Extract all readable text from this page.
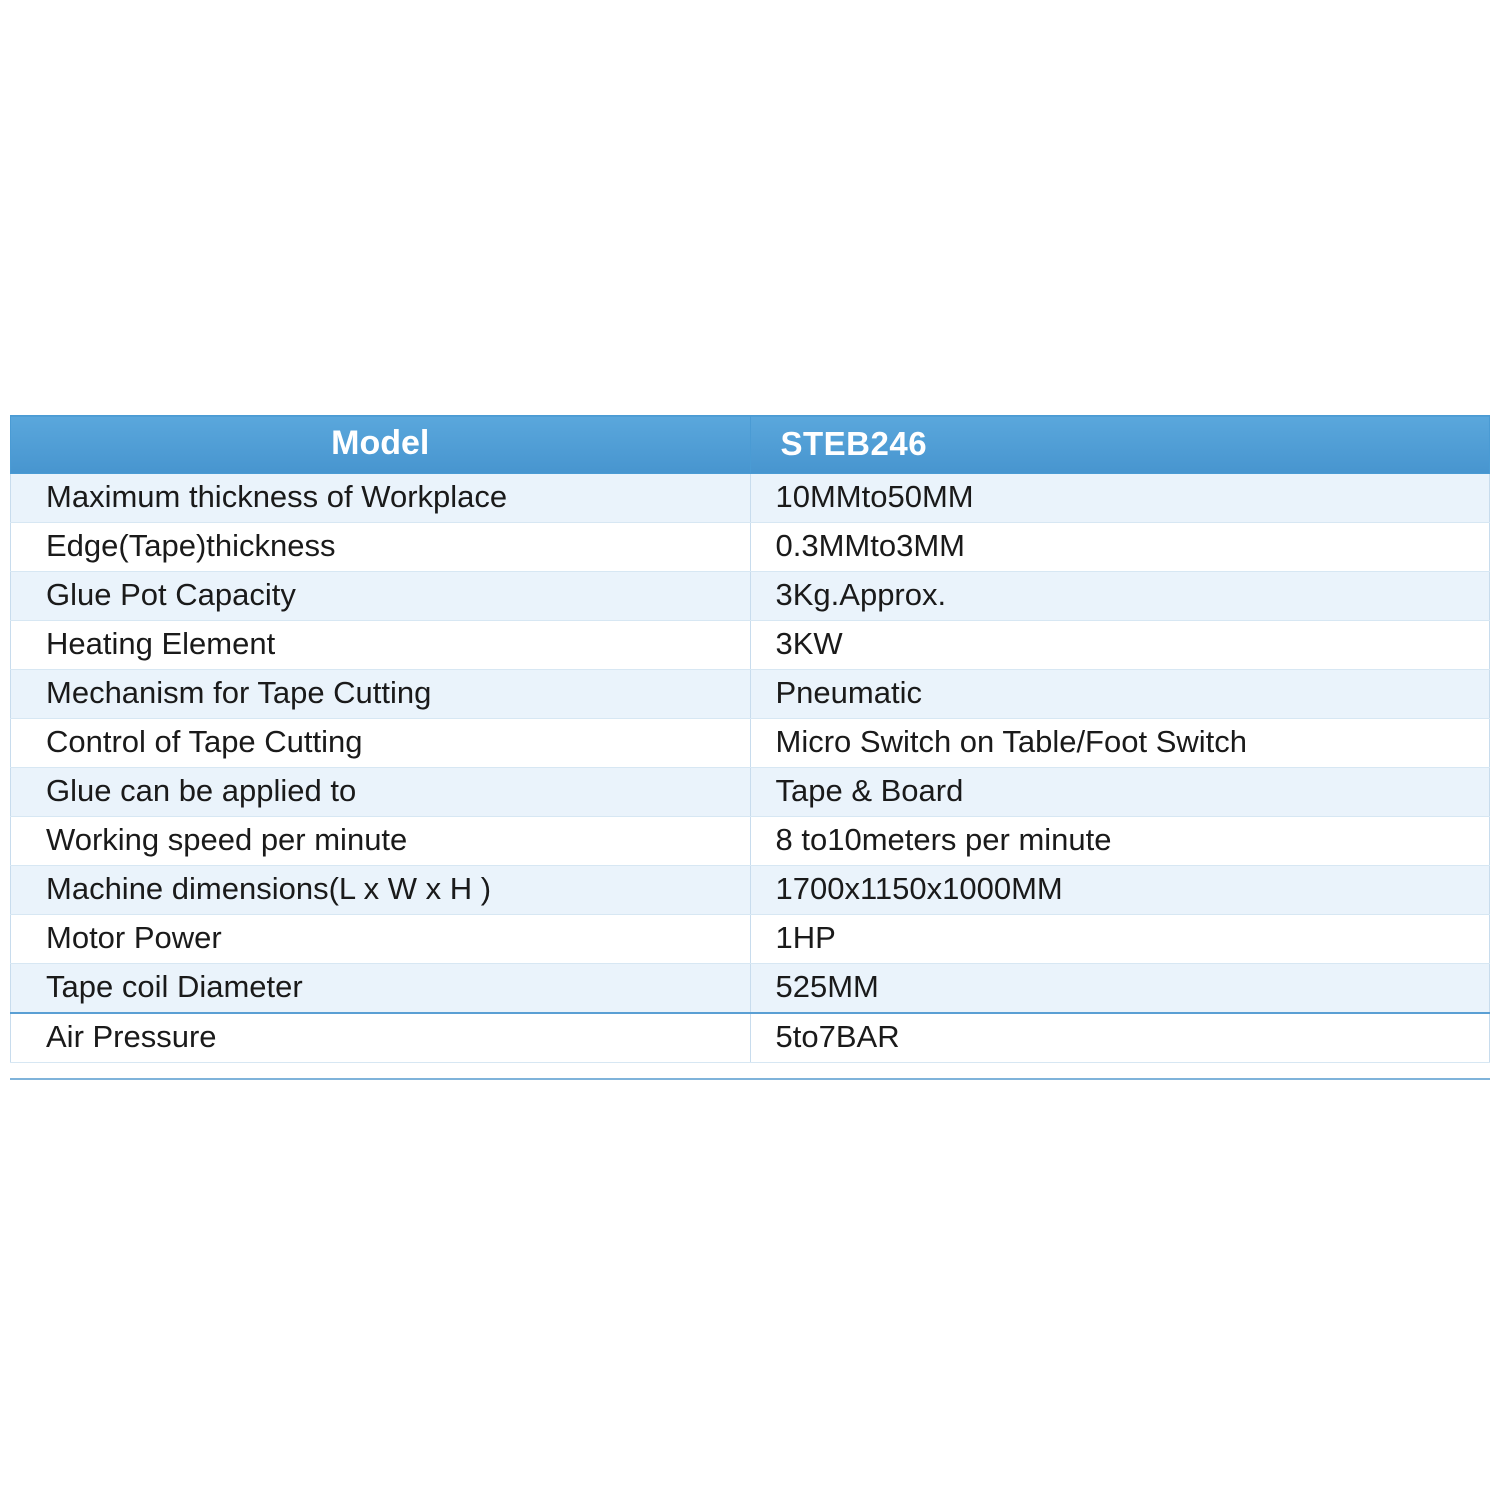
Model	STEB246
Maximum thickness of Workplace	10MMto50MM
Edge(Tape)thickness	0.3MMto3MM
Glue Pot Capacity	3Kg.Approx.
Heating Element	3KW
Mechanism for Tape Cutting	Pneumatic
Control of Tape Cutting	Micro Switch on Table/Foot Switch
Glue can be applied to	Tape & Board
Working speed per minute	8 to10meters per minute
Machine dimensions(L x W x H )	1700x1150x1000MM
Motor Power	1HP
Tape coil Diameter	525MM
Air Pressure	5to7BAR
